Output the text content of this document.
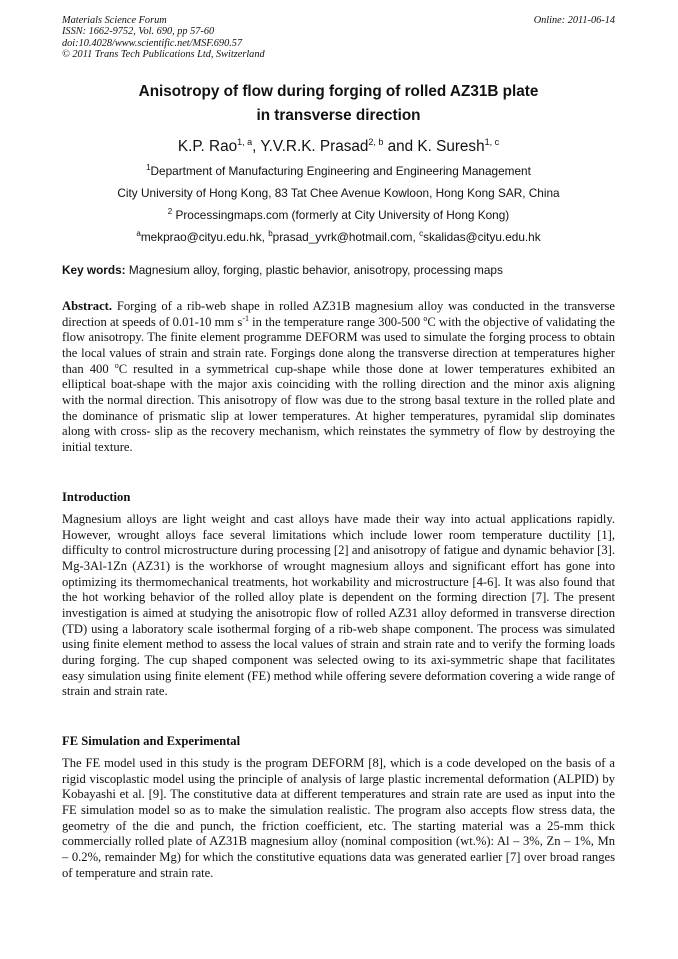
Materials Science Forum
ISSN: 1662-9752, Vol. 690, pp 57-60
doi:10.4028/www.scientific.net/MSF.690.57
© 2011 Trans Tech Publications Ltd, Switzerland
Online: 2011-06-14
Anisotropy of flow during forging of rolled AZ31B plate
in transverse direction
K.P. Rao$^{1, a}$, Y.V.R.K. Prasad$^{2, b}$ and K. Suresh$^{1, c}$
$^1$Department of Manufacturing Engineering and Engineering Management
City University of Hong Kong, 83 Tat Chee Avenue Kowloon, Hong Kong SAR, China
$^2$ Processingmaps.com (formerly at City University of Hong Kong)
$^a$mekprao@cityu.edu.hk, $^b$prasad_yvrk@hotmail.com, $^c$skalidas@cityu.edu.hk
Key words: Magnesium alloy, forging, plastic behavior, anisotropy, processing maps
Abstract. Forging of a rib-web shape in rolled AZ31B magnesium alloy was conducted in the transverse direction at speeds of 0.01-10 mm $s^{-1}$ in the temperature range 300-500 $^o$C with the objective of validating the flow anisotropy. The finite element programme DEFORM was used to simulate the forging process to obtain the local values of strain and strain rate. Forgings done along the transverse direction at temperatures higher than 400 $^o$C resulted in a symmetrical cup-shape while those done at lower temperatures exhibited an elliptical boat-shape with the major axis coinciding with the rolling direction and the minor axis aligning with the normal direction. This anisotropy of flow was due to the strong basal texture in the rolled plate and the dominance of prismatic slip at lower temperatures. At higher temperatures, pyramidal slip dominates along with cross- slip as the recovery mechanism, which reinstates the symmetry of flow by destroying the initial texture.
Introduction
Magnesium alloys are light weight and cast alloys have made their way into actual applications rapidly. However, wrought alloys face several limitations which include lower room temperature ductility [1], difficulty to control microstructure during processing [2] and anisotropy of fatigue and dynamic behavior [3]. Mg-3Al-1Zn (AZ31) is the workhorse of wrought magnesium alloys and significant effort has gone into optimizing its thermomechanical treatments, hot workability and microstructure [4-6]. It was also found that the hot working behavior of the rolled alloy plate is dependent on the forming direction [7]. The present investigation is aimed at studying the anisotropic flow of rolled AZ31 alloy deformed in transverse direction (TD) using a laboratory scale isothermal forging of a rib-web shape component. The process was simulated using finite element method to assess the local values of strain and strain rate and to verify the forming loads during forging. The cup shaped component was selected owing to its axi-symmetric shape that facilitates easy simulation using finite element (FE) method while offering severe deformation covering a wide range of strain and strain rate.
FE Simulation and Experimental
The FE model used in this study is the program DEFORM [8], which is a code developed on the basis of a rigid viscoplastic model using the principle of analysis of large plastic incremental deformation (ALPID) by Kobayashi et al. [9]. The constitutive data at different temperatures and strain rate are used as input into the FE simulation model so as to make the simulation realistic. The program also accepts flow stress data, the geometry of the die and punch, the friction coefficient, etc. The starting material was a 25-mm thick commercially rolled plate of AZ31B magnesium alloy (nominal composition (wt.%): Al – 3%, Zn – 1%, Mn – 0.2%, remainder Mg) for which the constitutive equations data was generated earlier [7] over broad ranges of temperature and strain rate.
